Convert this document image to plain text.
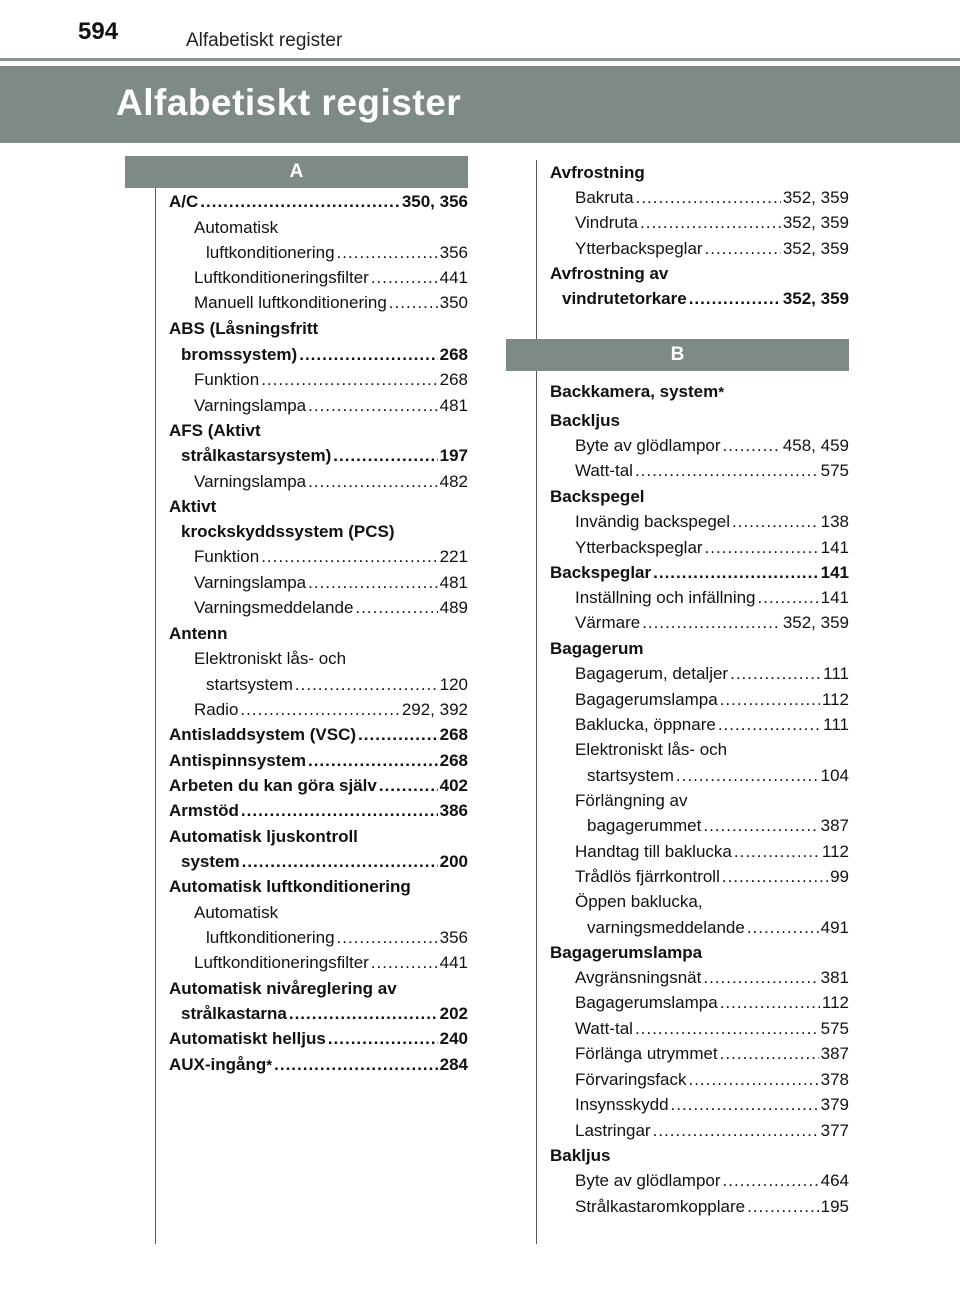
594	Alfabetiskt register
Alfabetiskt register
A
B
A/C .....	350, 356
Automatisk
luftkonditionering .....	356
Luftkonditioneringsfilter .....	441
Manuell luftkonditionering .....	350
ABS (Låsningsfritt
bromssystem) .....	268
Funktion .....	268
Varningslampa .....	481
AFS (Aktivt
strålkastarsystem) .....	197
Varningslampa .....	482
Aktivt
krockskyddssystem (PCS)
Funktion .....	221
Varningslampa .....	481
Varningsmeddelande .....	489
Antenn
Elektroniskt lås- och
startsystem .....	120
Radio .....	292, 392
Antisladdsystem (VSC) .....	268
Antispinnsystem .....	268
Arbeten du kan göra själv .....	402
Armstöd .....	386
Automatisk ljuskontroll
system .....	200
Automatisk luftkonditionering
Automatisk
luftkonditionering .....	356
Luftkonditioneringsfilter .....	441
Automatisk nivåreglering av
strålkastarna .....	202
Automatiskt helljus .....	240
AUX-ingång * .....	284
Avfrostning
Bakruta .....	352, 359
Vindruta .....	352, 359
Ytterbackspeglar .....	352, 359
Avfrostning av
vindrutetorkare .....	352, 359
Backkamera, system *
Backljus
Byte av glödlampor .....	458, 459
Watt-tal .....	575
Backspegel
Invändig backspegel .....	138
Ytterbackspeglar .....	141
Backspeglar .....	141
Inställning och infällning .....	141
Värmare .....	352, 359
Bagagerum
Bagagerum, detaljer .....	111
Bagagerumslampa .....	112
Baklucka, öppnare .....	111
Elektroniskt lås- och
startsystem .....	104
Förlängning av
bagagerummet .....	387
Handtag till baklucka .....	112
Trådlös fjärrkontroll .....	99
Öppen baklucka,
varningsmeddelande .....	491
Bagagerumslampa
Avgränsningsnät .....	381
Bagagerumslampa .....	112
Watt-tal .....	575
Förlänga utrymmet .....	387
Förvaringsfack .....	378
Insynsskydd .....	379
Lastringar .....	377
Bakljus
Byte av glödlampor .....	464
Strålkastaromkopplare .....	195
